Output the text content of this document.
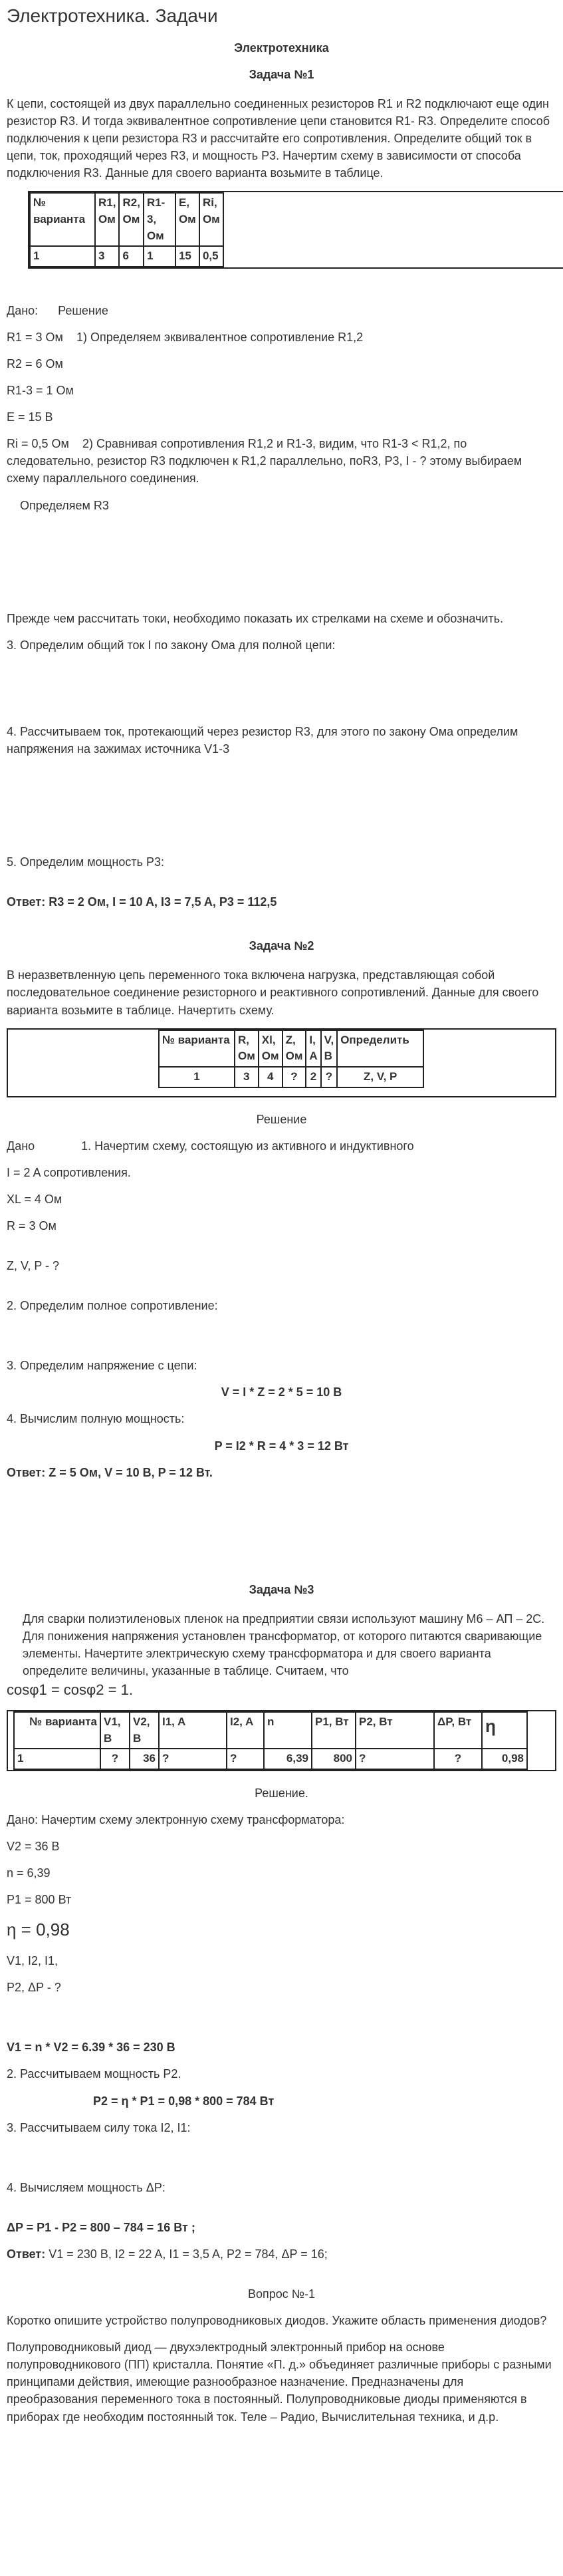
Электротехника. Задачи
Электротехника
Задача №1

К цепи, состоящей из двух параллельно соединенных резисторов R1 и R2 подключают еще один резистор R3. И тогда эквивалентное сопротивление цепи становится R1- R3. Определите способ подключения к цепи резистора R3 и рассчитайте его сопротивления. Определите общий ток в цепи, ток, проходящий через R3, и мощность P3. Начертим схему в зависимости от способа подключения R3. Данные для своего варианта возьмите в таблице.

№ варианта	R1, Ом	R2, Ом	R1-3, Ом	E, Ом	Ri, Ом
1	3	6	1	15	0,5

Дано: Решение

R1 = 3 Ом 1) Определяем эквивалентное сопротивление R1,2

R2 = 6 Ом

R1-3 = 1 Ом

E = 15 B

Ri = 0,5 Ом 2) Сравнивая сопротивления R1,2 и R1-3, видим, что R1-3 < R1,2, по следовательно, резистор R3 подключен к R1,2 параллельно, поR3, P3, I - ? этому выбираем схему параллельного соединения.

Определяем R3

Прежде чем рассчитать токи, необходимо показать их стрелками на схеме и обозначить.

3. Определим общий ток I по закону Ома для полной цепи:

4. Рассчитываем ток, протекающий через резистор R3, для этого по закону Ома определим напряжения на зажимах источника V1-3

5. Определим мощность P3:

Ответ: R3 = 2 Ом, I = 10 A, I3 = 7,5 A, P3 = 112,5

Задача №2

В неразветвленную цепь переменного тока включена нагрузка, представляющая собой последовательное соединение резисторного и реактивного сопротивлений. Данные для своего варианта возьмите в таблице. Начертить схему.

№ варианта	R, Ом	Xl, Ом	Z, Ом	I, A	V, B	Определить
1	3	4	?	2	?	Z, V, P

Решение

Дано	1. Начертим схему, состоящую из активного и индуктивного

I = 2 A сопротивления.

XL = 4 Ом

R = 3 Ом

Z, V, P - ?

2. Определим полное сопротивление:

3. Определим напряжение с цепи:

V = I * Z = 2 * 5 = 10 B

4. Вычислим полную мощность:

P = I2 * R = 4 * 3 = 12 Вт

Ответ: Z = 5 Ом, V = 10 B, P = 12 Вт.

Задача №3

Для сварки полиэтиленовых пленок на предприятии связи используют машину М6 – АП – 2С. Для понижения напряжения установлен трансформатор, от которого питаются сваривающие элементы. Начертите электрическую схему трансформатора и для своего варианта определите величины, указанные в таблице. Считаем, что

cosφ1 = cosφ2 = 1.

№ варианта	V1, B	V2, B	I1, A	I2, A	n	P1, Вт	P2, Вт	ΔP, Вт	η
1	?	36	?	?	6,39	800	?	?	0,98

Решение.

Дано: Начертим схему электронную схему трансформатора:

V2 = 36 B

n = 6,39

P1 = 800 Вт

η = 0,98

V1, I2, I1,

P2, ΔP - ?

V1 = n * V2 = 6.39 * 36 = 230 B

2. Рассчитываем мощность P2.

P2 = η * P1 = 0,98 * 800 = 784 Вт

3. Рассчитываем силу тока I2, I1:

4. Вычисляем мощность ΔP:

ΔP = P1 - P2 = 800 – 784 = 16 Вт ;

Ответ: V1 = 230 B, I2 = 22 A, I1 = 3,5 A, P2 = 784, ΔP = 16;

Вопрос №-1

Коротко опишите устройство полупроводниковых диодов. Укажите область применения диодов?

Полупроводниковый диод — двухэлектродный электронный прибор на основе полупроводникового (ПП) кристалла. Понятие «П. д.» объединяет различные приборы с разными принципами действия, имеющие разнообразное назначение. Предназначены для преобразования переменного тока в постоянный. Полупроводниковые диоды применяются в приборах где необходим постоянный ток. Теле – Радио, Вычислительная техника, и д.р.
